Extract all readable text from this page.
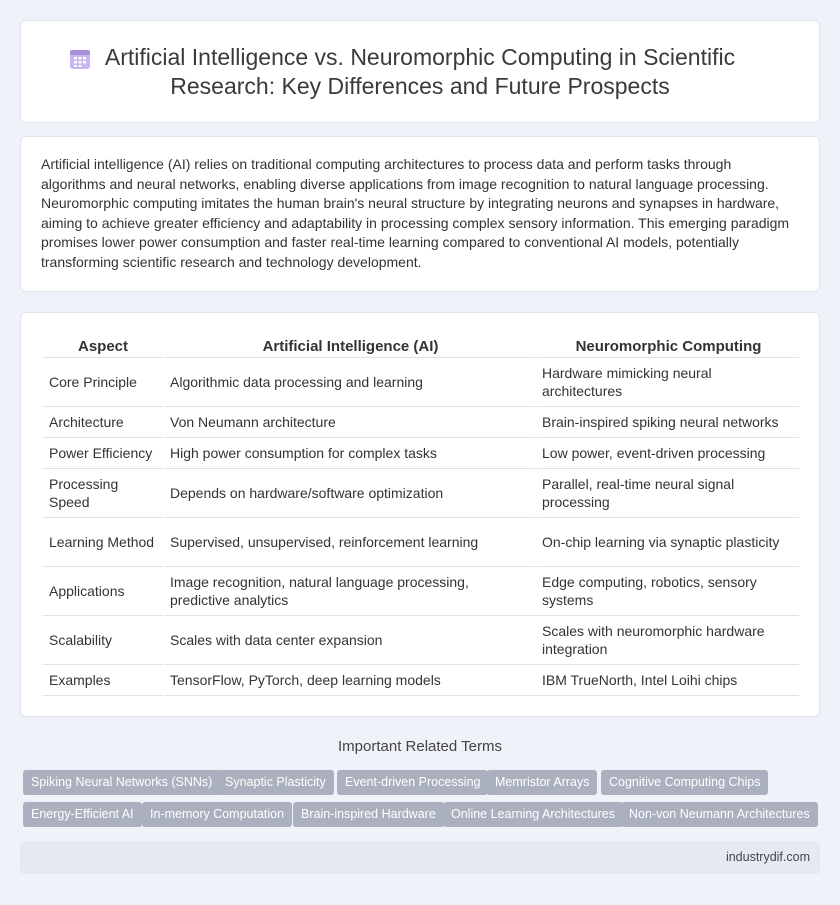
Artificial Intelligence vs. Neuromorphic Computing in Scientific Research: Key Differences and Future Prospects

Artificial intelligence (AI) relies on traditional computing architectures to process data and perform tasks through algorithms and neural networks, enabling diverse applications from image recognition to natural language processing. Neuromorphic computing imitates the human brain's neural structure by integrating neurons and synapses in hardware, aiming to achieve greater efficiency and adaptability in processing complex sensory information. This emerging paradigm promises lower power consumption and faster real-time learning compared to conventional AI models, potentially transforming scientific research and technology development.

Aspect	Artificial Intelligence (AI)	Neuromorphic Computing
Core Principle	Algorithmic data processing and learning	Hardware mimicking neural architectures
Architecture	Von Neumann architecture	Brain-inspired spiking neural networks
Power Efficiency	High power consumption for complex tasks	Low power, event-driven processing
Processing Speed	Depends on hardware/software optimization	Parallel, real-time neural signal processing
Learning Method	Supervised, unsupervised, reinforcement learning	On-chip learning via synaptic plasticity
Applications	Image recognition, natural language processing, predictive analytics	Edge computing, robotics, sensory systems
Scalability	Scales with data center expansion	Scales with neuromorphic hardware integration
Examples	TensorFlow, PyTorch, deep learning models	IBM TrueNorth, Intel Loihi chips
Important Related Terms
Spiking Neural Networks (SNNs)	Synaptic Plasticity	Event-driven Processing	Memristor Arrays	Cognitive Computing Chips
Energy-Efficient AI	In-memory Computation	Brain-inspired Hardware	Online Learning Architectures	Non-von Neumann Architectures
industrydif.com
